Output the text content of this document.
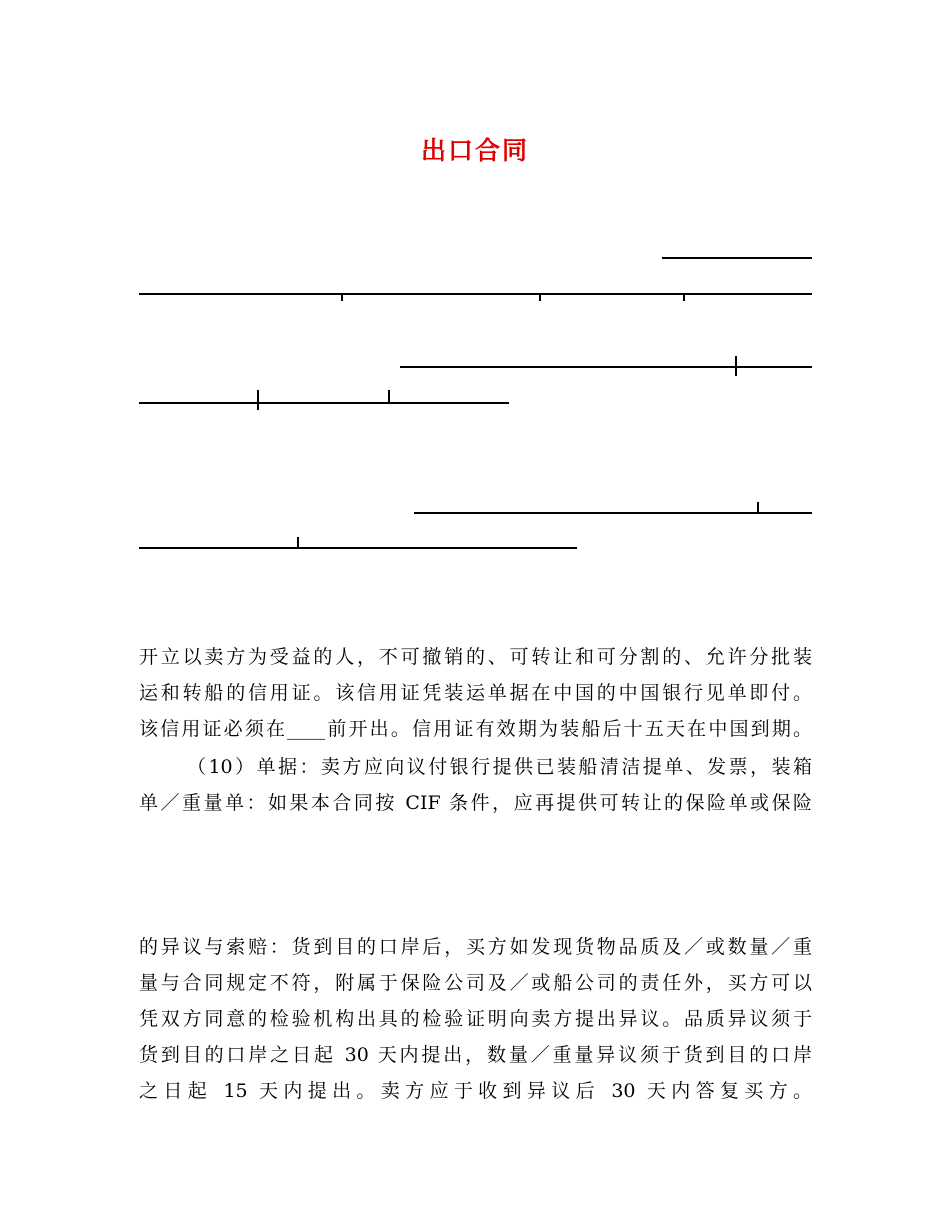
出口合同
开立以卖方为受益的人，不可撤销的、可转让和可分割的、允许分批装
运和转船的信用证。该信用证凭装运单据在中国的中国银行见单即付。
该信用证必须在____前开出。信用证有效期为装船后十五天在中国到期。
（10）单据：卖方应向议付银行提供已装船清洁提单、发票，装箱
单／重量单：如果本合同按 CIF 条件，应再提供可转让的保险单或保险
的异议与索赔：货到目的口岸后，买方如发现货物品质及／或数量／重
量与合同规定不符，附属于保险公司及／或船公司的责任外，买方可以
凭双方同意的检验机构出具的检验证明向卖方提出异议。品质异议须于
货到目的口岸之日起 30 天内提出，数量／重量异议须于货到目的口岸
之日起 15 天内提出。卖方应于收到异议后 30 天内答复买方。
